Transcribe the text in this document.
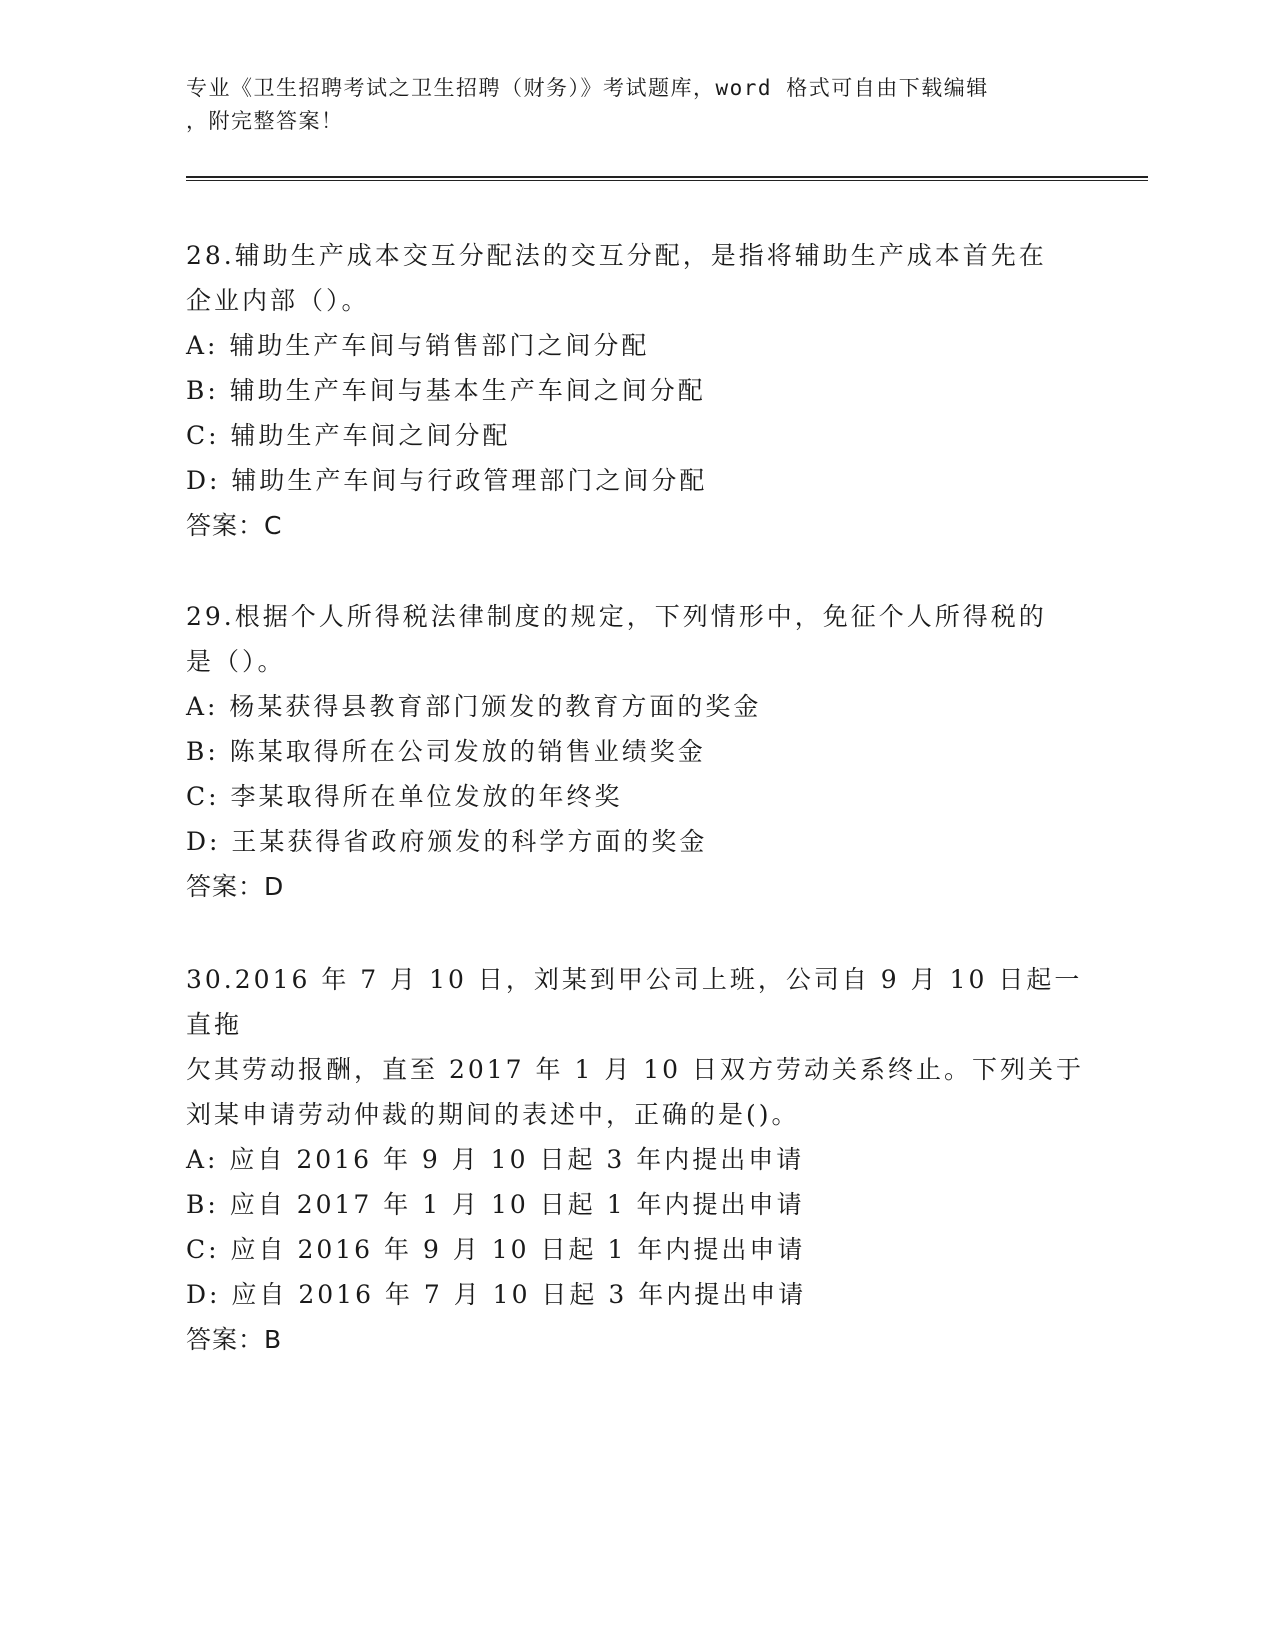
专业《卫生招聘考试之卫生招聘（财务）》考试题库，word 格式可自由下载编辑
，附完整答案！

28.辅助生产成本交互分配法的交互分配，是指将辅助生产成本首先在

企业内部（）。

A: 辅助生产车间与销售部门之间分配

B: 辅助生产车间与基本生产车间之间分配

C: 辅助生产车间之间分配

D: 辅助生产车间与行政管理部门之间分配

答案：C

29.根据个人所得税法律制度的规定，下列情形中，免征个人所得税的

是（）。

A: 杨某获得县教育部门颁发的教育方面的奖金

B: 陈某取得所在公司发放的销售业绩奖金

C: 李某取得所在单位发放的年终奖

D: 王某获得省政府颁发的科学方面的奖金

答案：D

30.2016 年 7 月 10 日，刘某到甲公司上班，公司自 9 月 10 日起一直拖

欠其劳动报酬，直至 2017 年 1 月 10 日双方劳动关系终止。下列关于

刘某申请劳动仲裁的期间的表述中，正确的是()。

A: 应自 2016 年 9 月 10 日起 3 年内提出申请

B: 应自 2017 年 1 月 10 日起 1 年内提出申请

C: 应自 2016 年 9 月 10 日起 1 年内提出申请

D: 应自 2016 年 7 月 10 日起 3 年内提出申请

答案：B
